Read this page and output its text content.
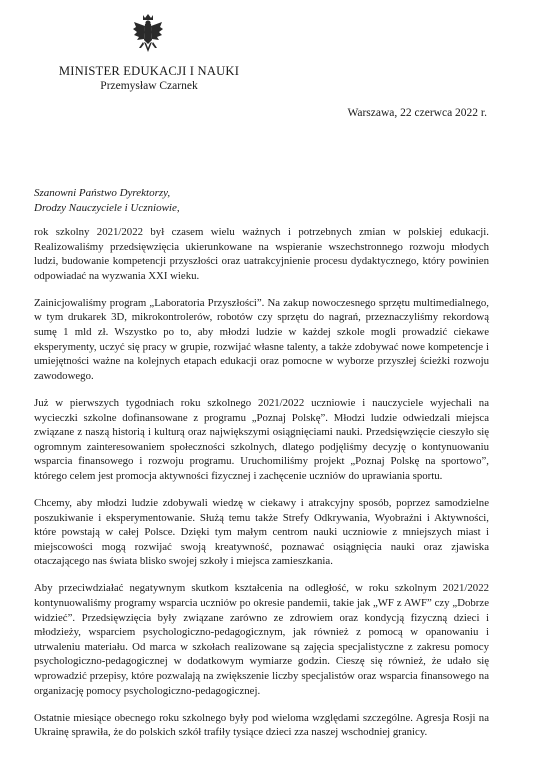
MINISTER EDUKACJI I NAUKI
Przemysław Czarnek
Warszawa, 22 czerwca 2022 r.
Szanowni Państwo Dyrektorzy,
Drodzy Nauczyciele i Uczniowie,

rok szkolny 2021/2022 był czasem wielu ważnych i potrzebnych zmian w polskiej edukacji. Realizowaliśmy przedsięwzięcia ukierunkowane na wspieranie wszechstronnego rozwoju młodych ludzi, budowanie kompetencji przyszłości oraz uatrakcyjnienie procesu dydaktycznego, który powinien odpowiadać na wyzwania XXI wieku.

Zainicjowaliśmy program „Laboratoria Przyszłości”. Na zakup nowoczesnego sprzętu multimedialnego, w tym drukarek 3D, mikrokontrolerów, robotów czy sprzętu do nagrań, przeznaczyliśmy rekordową sumę 1 mld zł. Wszystko po to, aby młodzi ludzie w każdej szkole mogli prowadzić ciekawe eksperymenty, uczyć się pracy w grupie, rozwijać własne talenty, a także zdobywać nowe kompetencje i umiejętności ważne na kolejnych etapach edukacji oraz pomocne w wyborze przyszłej ścieżki rozwoju zawodowego.

Już w pierwszych tygodniach roku szkolnego 2021/2022 uczniowie i nauczyciele wyjechali na wycieczki szkolne dofinansowane z programu „Poznaj Polskę”. Młodzi ludzie odwiedzali miejsca związane z naszą historią i kulturą oraz największymi osiągnięciami nauki. Przedsięwzięcie cieszyło się ogromnym zainteresowaniem społeczności szkolnych, dlatego podjęliśmy decyzję o kontynuowaniu wsparcia finansowego i rozwoju programu. Uruchomiliśmy projekt „Poznaj Polskę na sportowo”, którego celem jest promocja aktywności fizycznej i zachęcenie uczniów do uprawiania sportu.

Chcemy, aby młodzi ludzie zdobywali wiedzę w ciekawy i atrakcyjny sposób, poprzez samodzielne poszukiwanie i eksperymentowanie. Służą temu także Strefy Odkrywania, Wyobraźni i Aktywności, które powstają w całej Polsce. Dzięki tym małym centrom nauki uczniowie z mniejszych miast i miejscowości mogą rozwijać swoją kreatywność, poznawać osiągnięcia nauki oraz zjawiska otaczającego nas świata blisko swojej szkoły i miejsca zamieszkania.

Aby przeciwdziałać negatywnym skutkom kształcenia na odległość, w roku szkolnym 2021/2022 kontynuowaliśmy programy wsparcia uczniów po okresie pandemii, takie jak „WF z AWF” czy „Dobrze widzieć”. Przedsięwzięcia były związane zarówno ze zdrowiem oraz kondycją fizyczną dzieci i młodzieży, wsparciem psychologiczno-pedagogicznym, jak również z pomocą w opanowaniu i utrwaleniu materiału. Od marca w szkołach realizowane są zajęcia specjalistyczne z zakresu pomocy psychologiczno-pedagogicznej w dodatkowym wymiarze godzin. Cieszę się również, że udało się wprowadzić przepisy, które pozwalają na zwiększenie liczby specjalistów oraz wsparcia finansowego na organizację pomocy psychologiczno-pedagogicznej.

Ostatnie miesiące obecnego roku szkolnego były pod wieloma względami szczególne. Agresja Rosji na Ukrainę sprawiła, że do polskich szkół trafiły tysiące dzieci zza naszej wschodniej granicy.
